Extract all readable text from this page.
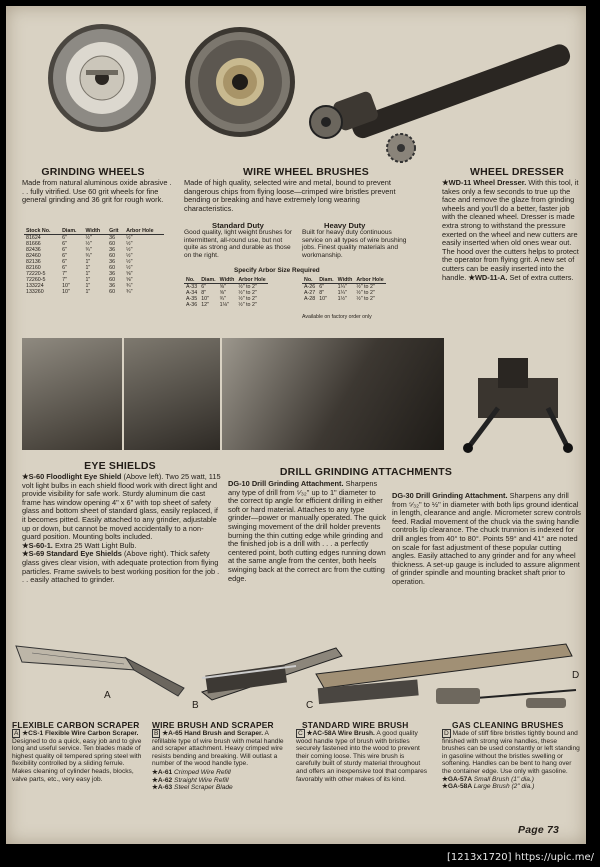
GRINDING WHEELS
Made from natural aluminous oxide abrasive . . . fully vitrified. Use 60 grit wheels for fine general grinding and 36 grit for rough work.
Stock No.	Diam.	Width	Grit	Arbor Hole
81624	6"	½"	36	½"
81666	6"	½"	60	½"
82436	6"	¾"	36	½"
82460	6"	¾"	60	½"
82136	6"	1"	36	½"
82160	6"	1"	60	½"
72220-5	7"	1"	36	⅝"
72260-5	7"	1"	60	⅝"
133224	10"	1"	36	¾"
133260	10"	1"	60	¾"
WIRE WHEEL BRUSHES
Made of high quality, selected wire and metal, bound to prevent dangerous chips from flying loose—crimped wire bristles prevent bending or breaking and have extremely long wearing characteristics.
Standard Duty
Good quality, light weight brushes for intermittent, all-round use, but not quite as strong and durable as those on the right.
Heavy Duty
Built for heavy duty continuous service on all types of wire brushing jobs. Finest quality materials and workmanship.
Specify Arbor Size Required
No.	Diam.	Width	Arbor Hole
A-33	6"	⅝"	½" to 2"
A-34	8"	⅝"	½" to 2"
A-35	10"	¾"	½" to 2"
A-36	12"	1⅛"	½" to 2"
No.	Diam.	Width	Arbor Hole
A-26	6"	1¼"	½" to 2"
A-27	8"	1¼"	½" to 2"
A-28	10"	1½"	½" to 2"
Available on factory order only
WHEEL DRESSER
★WD-11 Wheel Dresser. With this tool, it takes only a few seconds to true up the face and remove the glaze from grinding wheels and you'll do a better, faster job with the cleaned wheel. Dresser is made extra strong to withstand the pressure exerted on the wheel and new cutters are easily inserted when old ones wear out. The hood over the cutters helps to protect the operator from flying grit. A new set of cutters can be easily inserted into the handle. ★WD-11-A. Set of extra cutters.
EYE SHIELDS
★S-60 Floodlight Eye Shield (Above left). Two 25 watt, 115 volt light bulbs in each shield flood work with direct light and provide visibility for safe work. Sturdy aluminum die cast frame has window opening 4" x 6" with top sheet of safety glass and bottom sheet of standard glass, easily replaced, if it becomes pitted. Easily attached to any grinder, adjustable up or down, but cannot be moved accidentally to a non-guard position. Mounting bolts included.
★S-60-1. Extra 25 Watt Light Bulb.
★S-69 Standard Eye Shields (Above right). Thick safety glass gives clear vision, with adequate protection from flying particles. Frame swivels to best working position for the job . . . easily attached to grinder.
DRILL GRINDING ATTACHMENTS
DG-10 Drill Grinding Attachment. Sharpens any type of drill from ⁵⁄₃₂" up to 1" diameter to the correct tip angle for efficient drilling in either soft or hard material. Attaches to any type grinder—power or manually operated. The quick swinging movement of the drill holder prevents burning the thin cutting edge while grinding and the finished job is a drill with . . . a perfectly centered point, both cutting edges running down at the same angle from the center, both heels swinging back at the correct arc from the cutting edge.
DG-30 Drill Grinding Attachment. Sharpens any drill from ⁵⁄₃₂" to ½" in diameter with both lips ground identical in length, clearance and angle. Micrometer screw controls feed. Radial movement of the chuck via the swing handle controls lip clearance. The chuck trunnion is indexed for drill angles from 40° to 80°. Points 59° and 41° are noted on scale for fast adjustment of these popular cutting angles. Easily attached to any grinder and for any wheel thickness. A set-up gauge is included to assure alignment of grinder spindle and mounting bracket shaft prior to operation.
A
B	C
D
FLEXIBLE CARBON SCRAPER
A ★CS-1 Flexible Wire Carbon Scraper. Designed to do a quick, easy job and to give long and useful service. Ten blades made of highest quality oil tempered spring steel with flexibility controlled by a sliding ferrule. Makes cleaning of cylinder heads, blocks, valve parts, etc., very easy job.
WIRE BRUSH AND SCRAPER
B ★A-65 Hand Brush and Scraper. A refillable type of wire brush with metal handle and scraper attachment. Heavy crimped wire resists bending and breaking. Will outlast a number of the wood handle type.
★A-61 Crimped Wire Refill
★A-62 Straight Wire Refill
★A-63 Steel Scraper Blade
STANDARD WIRE BRUSH
C ★AC-58A Wire Brush. A good quality wood handle type of brush with bristles securely fastened into the wood to prevent their coming loose. This wire brush is carefully built of sturdy material throughout and offers an inexpensive tool that compares favorably with other makes of its kind.
GAS CLEANING BRUSHES
D Made of stiff fibre bristles tightly bound and finished with strong wire handles, these brushes can be used constantly or left standing in gasoline without the bristles swelling or softening. Handles can be bent to hang over the container edge. Use only with gasoline.
★GA-57A Small Brush (1" dia.)
★GA-58A Large Brush (2" dia.)
Page 73
[1213x1720] https://upic.me/
